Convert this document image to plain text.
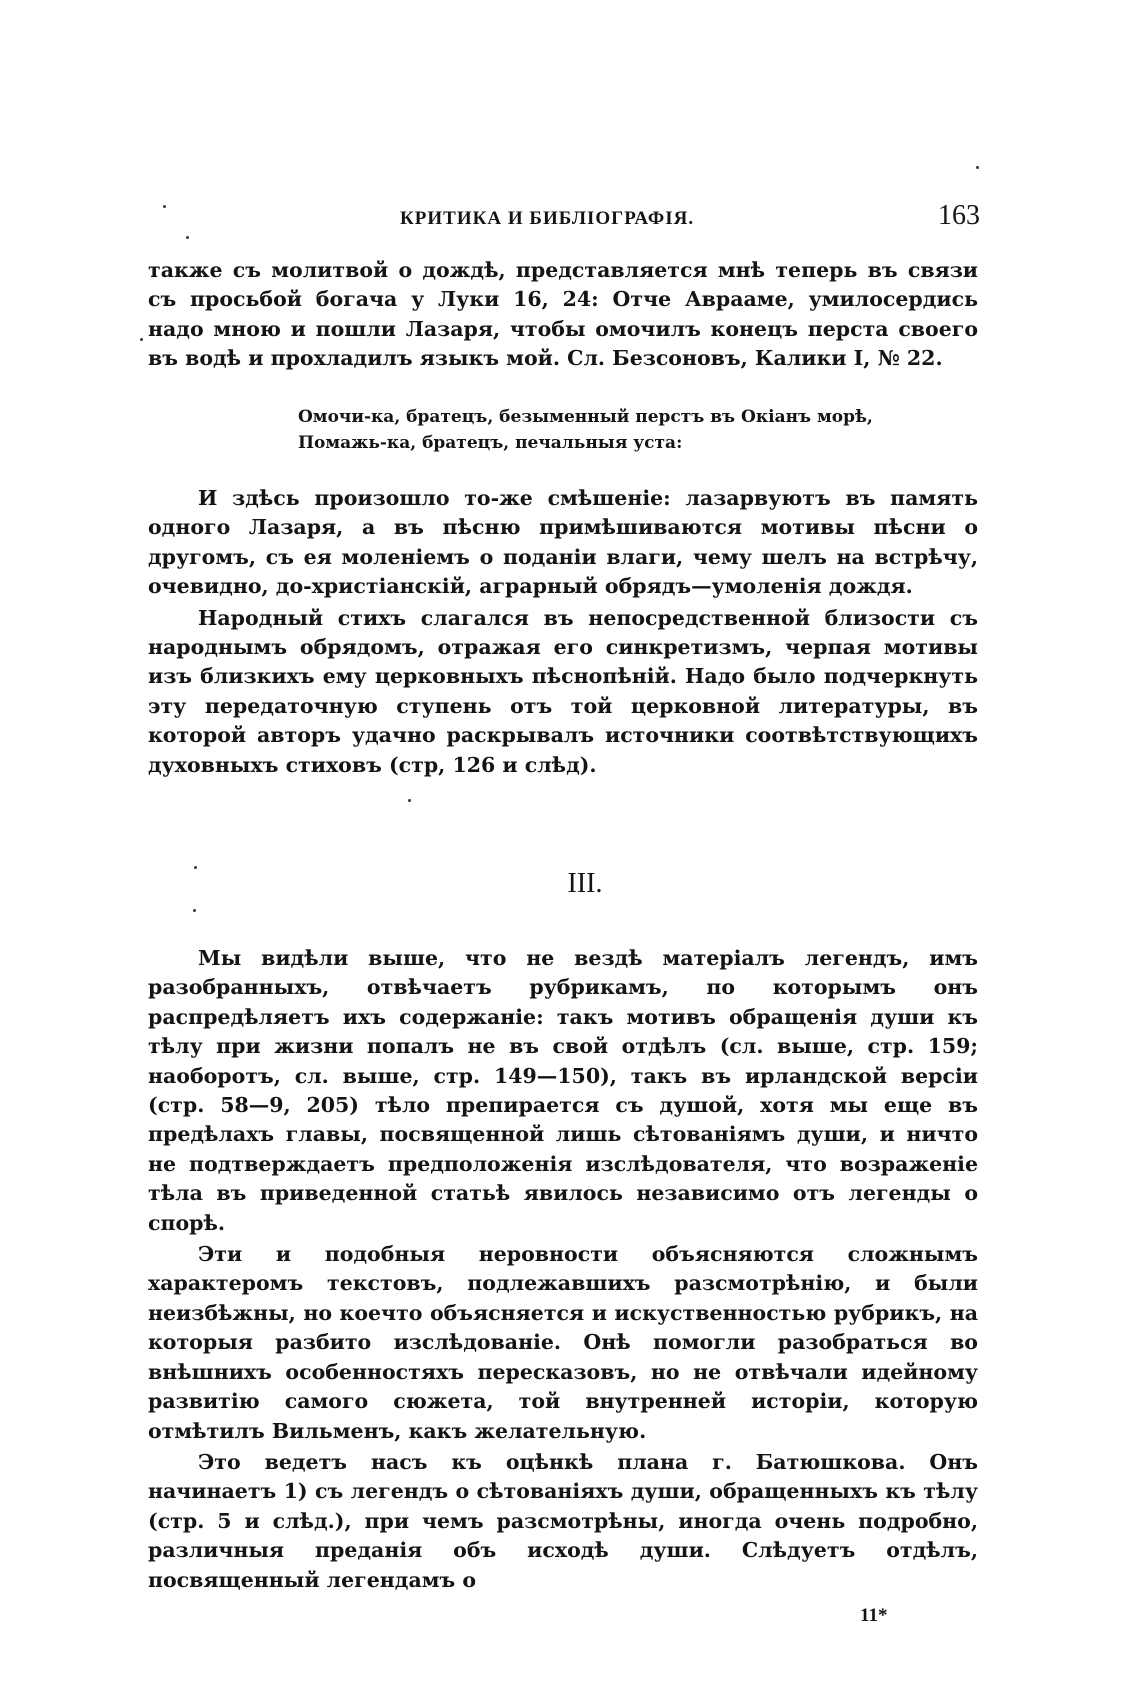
КРИТИКА И БИБЛІОГРАФІЯ.	163

также съ молитвой о дождѣ, представляется мнѣ теперь въ связи съ просьбой богача у Луки 16, 24: Отче Аврааме, умилосердись надо мною и пошли Лазаря, чтобы омочилъ конецъ перста своего въ водѣ и прохладилъ языкъ мой. Сл. Безсоновъ, Калики I, № 22.

Омочи-ка, братецъ, безыменный перстъ въ Окіанъ морѣ,
Помажь-ка, братецъ, печальныя уста:

И здѣсь произошло то-же смѣшеніе: лазарвуютъ въ память одного Лазаря, а въ пѣсню примѣшиваются мотивы пѣсни о другомъ, съ ея моленіемъ о поданіи влаги, чему шелъ на встрѣчу, очевидно, до-христіанскій, аграрный обрядъ—умоленія дождя.

Народный стихъ слагался въ непосредственной близости съ народнымъ обрядомъ, отражая его синкретизмъ, черпая мотивы изъ близкихъ ему церковныхъ пѣснопѣній. Надо было подчеркнуть эту передаточную ступень отъ той церковной литературы, въ которой авторъ удачно раскрывалъ источники соотвѣтствующихъ духовныхъ стиховъ (стр, 126 и слѣд).

III.

Мы видѣли выше, что не вездѣ матеріалъ легендъ, имъ разобранныхъ, отвѣчаетъ рубрикамъ, по которымъ онъ распредѣляетъ ихъ содержаніе: такъ мотивъ обращенія души къ тѣлу при жизни попалъ не въ свой отдѣлъ (сл. выше, стр. 159; наоборотъ, сл. выше, стр. 149—150), такъ въ ирландской версіи (стр. 58—9, 205) тѣло препирается съ душой, хотя мы еще въ предѣлахъ главы, посвященной лишь сѣтованіямъ души, и ничто не подтверждаетъ предположенія изслѣдователя, что возраженіе тѣла въ приведенной статьѣ явилось независимо отъ легенды о спорѣ.

Эти и подобныя неровности объясняются сложнымъ характеромъ текстовъ, подлежавшихъ разсмотрѣнію, и были неизбѣжны, но коечто объясняется и искуственностью рубрикъ, на которыя разбито изслѣдованіе. Онѣ помогли разобраться во внѣшнихъ особенностяхъ пересказовъ, но не отвѣчали идейному развитію самого сюжета, той внутренней исторіи, которую отмѣтилъ Вильменъ, какъ желательную.

Это ведетъ насъ къ оцѣнкѣ плана г. Батюшкова. Онъ начинаетъ 1) съ легендъ о сѣтованіяхъ души, обращенныхъ къ тѣлу (стр. 5 и слѣд.), при чемъ разсмотрѣны, иногда очень подробно, различныя преданія объ исходѣ души. Слѣдуетъ отдѣлъ, посвященный легендамъ о

11*
